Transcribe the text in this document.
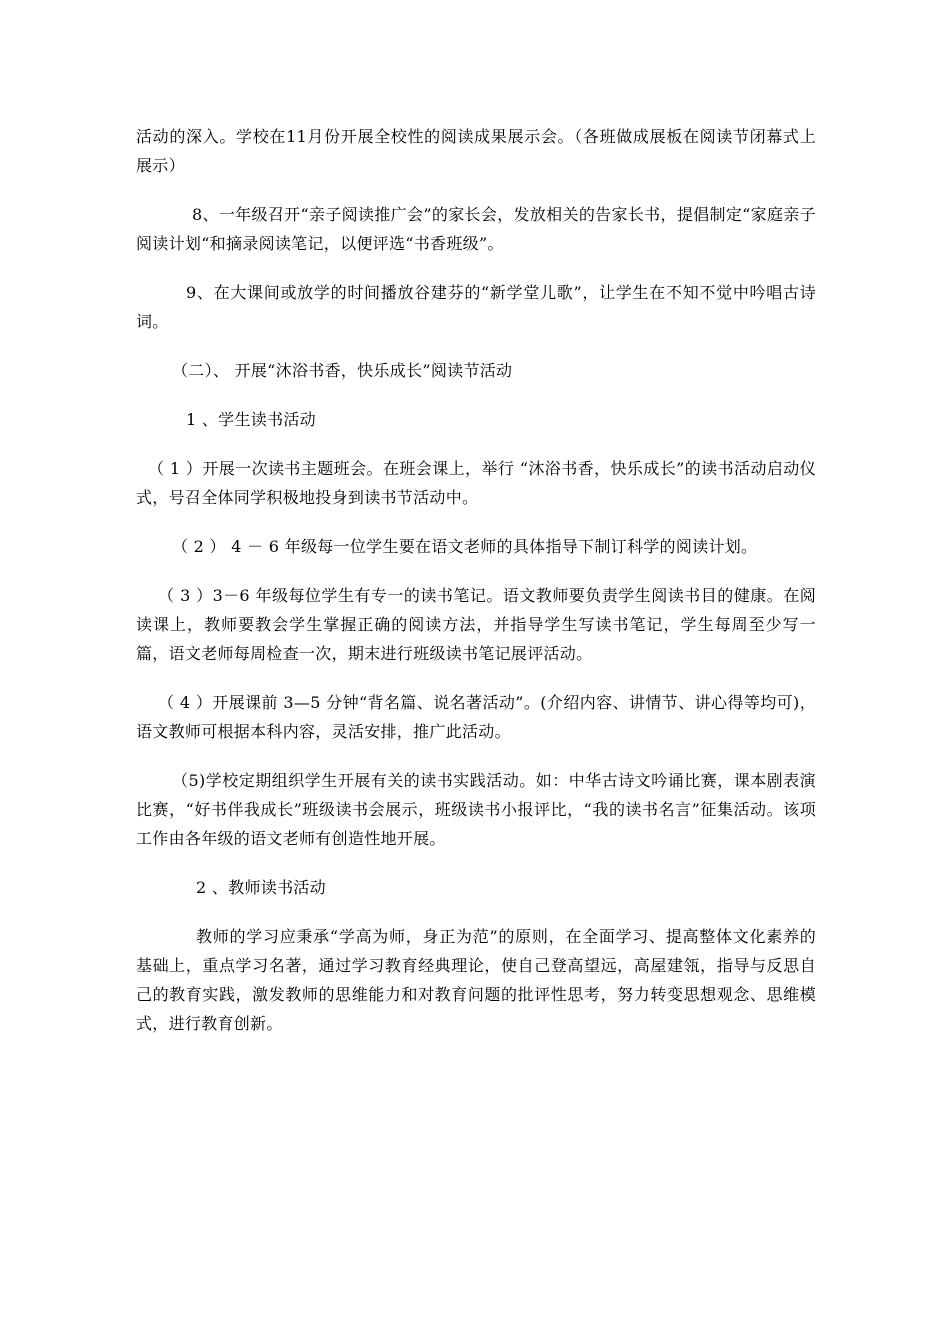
活动的深入。学校在11月份开展全校性的阅读成果展示会。（各班做成展板在阅读节闭幕式上展示）

8、一年级召开“亲子阅读推广会”的家长会，发放相关的告家长书，提倡制定“家庭亲子阅读计划“和摘录阅读笔记，以便评选“书香班级”。

9、在大课间或放学的时间播放谷建芬的“新学堂儿歌”，让学生在不知不觉中吟唱古诗词。

（二）、 开展“沐浴书香，快乐成长”阅读节活动

1 、学生读书活动

（ 1 ）开展一次读书主题班会。在班会课上，举行 “沐浴书香，快乐成长”的读书活动启动仪式，号召全体同学积极地投身到读书节活动中。

（ 2 ） 4 － 6 年级每一位学生要在语文老师的具体指导下制订科学的阅读计划。

（ 3 ）3－6 年级每位学生有专一的读书笔记。语文教师要负责学生阅读书目的健康。在阅读课上，教师要教会学生掌握正确的阅读方法，并指导学生写读书笔记，学生每周至少写一篇，语文老师每周检查一次，期末进行班级读书笔记展评活动。

（ 4 ）开展课前 3—5 分钟“背名篇、说名著活动”。(介绍内容、讲情节、讲心得等均可)，语文教师可根据本科内容，灵活安排，推广此活动。

（5)学校定期组织学生开展有关的读书实践活动。如：中华古诗文吟诵比赛，课本剧表演比赛，“好书伴我成长”班级读书会展示，班级读书小报评比，“我的读书名言”征集活动。该项工作由各年级的语文老师有创造性地开展。

2 、教师读书活动

教师的学习应秉承“学高为师，身正为范”的原则，在全面学习、提高整体文化素养的基础上，重点学习名著，通过学习教育经典理论，使自己登高望远，高屋建瓴，指导与反思自己的教育实践，激发教师的思维能力和对教育问题的批评性思考，努力转变思想观念、思维模式，进行教育创新。
